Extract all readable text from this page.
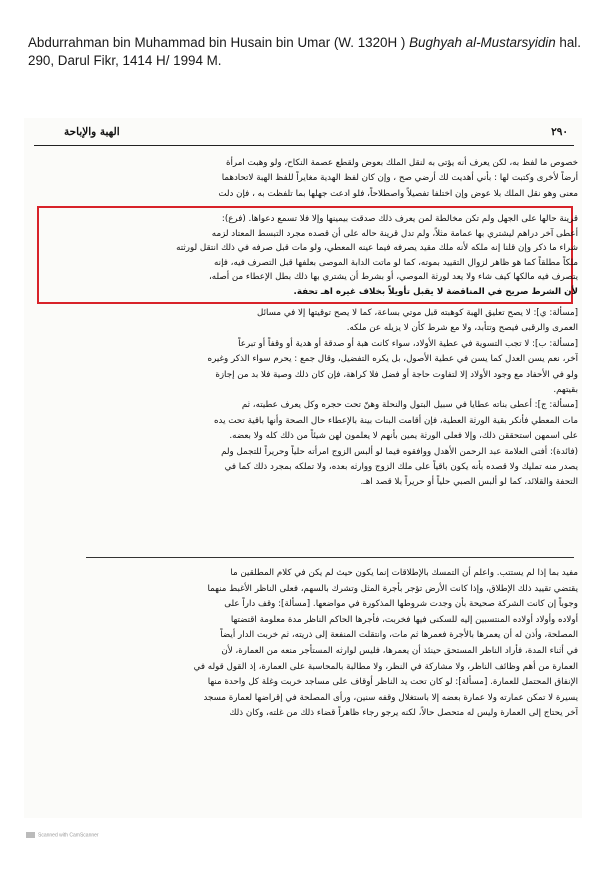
Abdurrahman bin Muhammad bin Husain bin Umar (W. 1320H ) Bughyah al-Mustarsyidin hal. 290, Darul Fikr, 1414 H/ 1994 M.
٢٩٠
الهبة والإباحة

خصوص ما لفظ به، لكن يعرف أنه يؤتى به لنقل الملك بعوض ولقطع عصمة النكاح، ولو وهبت امرأة

أرضاً لأخرى وكتبت لها : بأني أهديت لك أرضي صح ، وإن كان لفظ الهدية مغايراً للفظ الهبة لاتحادهما

معنى وهو نقل الملك بلا عوض وإن اختلفا تفصيلاً واصطلاحاً، فلو ادعت جهلها بما تلفظت به ، فإن دلت

قرينة حالها على الجهل ولم تكن مخالطة لمن يعرف ذلك صدقت بيمينها وإلا فلا تسمع دعواها. (فرع):

أعطى آخر دراهم ليشتري بها عمامة مثلاً، ولم تدل قرينة حاله على أن قصده مجرد التبسط المعتاد لزمه

شراء ما ذكر وإن قلنا إنه ملكه لأنه ملك مقيد يصرفه فيما عينه المعطي، ولو مات قبل صرفه في ذلك انتقل لورثته

ملكاً مطلقاً كما هو ظاهر لزوال التقييد بموته، كما لو ماتت الدابة الموصى بعلفها قبل التصرف فيه، فإنه

يتصرف فيه مالكها كيف شاء ولا يعد لورثة الموصي، أو بشرط أن يشتري بها ذلك بطل الإعطاء من أصله،

لأن الشرط صريح في المناقضة لا يقبل تأويلاً بخلاف غيره اهـ تحفة.

[مسألة: ي]: لا يصح تعليق الهبة كوهبته قبل موتي بساعة، كما لا يصح توقيتها إلا في مسائل

العمرى والرقبى فيصح وتتأبد، ولا مع شرط كأن لا يزيله عن ملكه.

[مسألة: ب]: لا تجب التسوية في عطية الأولاد، سواء كانت هبة أو صدقة أو هدية أو وقفاً أو تبرعاً

آخر، نعم يسن العدل كما يسن في عطية الأصول، بل يكره التفضيل، وقال جمع : يحرم سواء الذكر وغيره

ولو في الأحفاد مع وجود الأولاد إلا لتفاوت حاجة أو فضل فلا كراهة، فإن كان ذلك وصية فلا بد من إجازة

بقيتهم.

[مسألة: ج]: أعطى بناته عطايا في سبيل البتول والنحلة وهنّ تحت حجره وكل يعرف عطيته، ثم

مات المعطي فأنكر بقية الورثة العطية، فإن أقامت البنات بينة بالإعطاء حال الصحة وأنها باقية تحت يده

على اسمهن استحققن ذلك، وإلا فعلى الورثة يمين بأنهم لا يعلمون لهن شيئاً من ذلك كله ولا بعضه.

(فائدة): أفتى العلامة عبد الرحمن الأهدل ووافقوه فيما لو ألبس الزوج امرأته حلياً وحريراً للتجمل ولم

يصدر منه تمليك ولا قصده بأنه يكون باقياً على ملك الزوج ووارثه بعده، ولا تملكه بمجرد ذلك كما في

التحفة والقلائد، كما لو ألبس الصبي حلياً أو حريراً بلا قصد اهـ.

مفيد بما إذا لم يستتب. واعلم أن التمسك بالإطلاقات إنما يكون حيث لم يكن في كلام المطلقين ما

يقتضي تقييد ذلك الإطلاق، وإذا كانت الأرض تؤجر بأجرة المثل وتشرك بالسهم، فعلى الناظر الأغبط منهما

وجوباً إن كانت الشركة صحيحة بأن وجدت شروطها المذكورة في مواضعها. [مسألة]: وقف داراً على

أولاده وأولاد أولاده المنتسبين إليه للسكنى فيها فخربت، فأجرها الحاكم الناظر مدة معلومة اقتضتها

المصلحة، وأذن له أن يعمرها بالأجرة فعمرها ثم مات، وانتقلت المنفعة إلى ذريته، ثم خربت الدار أيضاً

في أثناء المدة، فأراد الناظر المستحق حينئذ أن يعمرها، فليس لوارثه المستأجر منعه من العمارة، لأن

العمارة من أهم وظائف الناظر، ولا مشاركة في النظر، ولا مطالبة بالمحاسبة على العمارة، إذ القول قوله في

الإنفاق المحتمل للعمارة. [مسألة]: لو كان تحت يد الناظر أوقاف على مساجد خربت وغلة كل واحدة منها

يسيرة لا تمكن عمارته ولا عمارة بعضه إلا باستغلال وقفه سنين، ورأى المصلحة في إقراضها لعمارة مسجد

آخر يحتاج إلى العمارة وليس له متحصل حالاً، لكنه يرجو رجاء ظاهراً قضاء ذلك من غلته، وكان ذلك

Scanned with CamScanner
